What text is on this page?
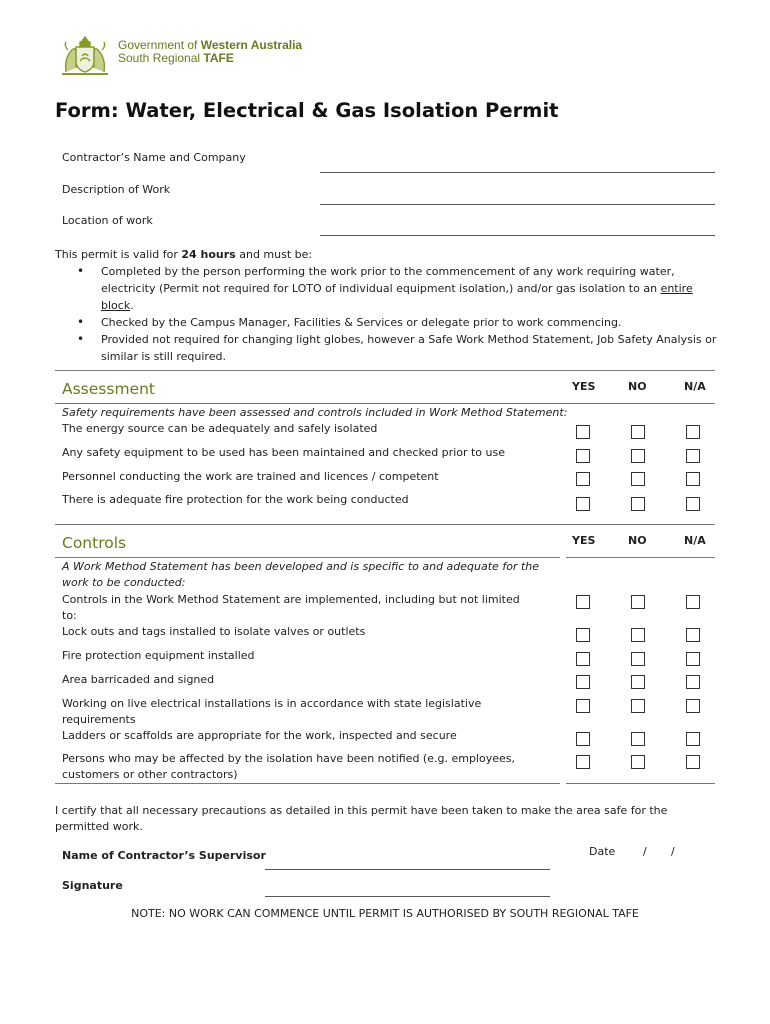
Government of Western Australia
South Regional TAFE
Form: Water, Electrical & Gas Isolation Permit
Contractor’s Name and Company
Description of Work
Location of work
This permit is valid for 24 hours and must be:
• Completed by the person performing the work prior to the commencement of any work requiring water, electricity (Permit not required for LOTO of individual equipment isolation,) and/or gas isolation to an entire block.
• Checked by the Campus Manager, Facilities & Services or delegate prior to work commencing.
• Provided not required for changing light globes, however a Safe Work Method Statement, Job Safety Analysis or similar is still required.
Assessment	YES	NO	N/A
Safety requirements have been assessed and controls included in Work Method Statement:
The energy source can be adequately and safely isolated
Any safety equipment to be used has been maintained and checked prior to use
Personnel conducting the work are trained and licences / competent
There is adequate fire protection for the work being conducted
Controls	YES	NO	N/A
A Work Method Statement has been developed and is specific to and adequate for the work to be conducted:
Controls in the Work Method Statement are implemented, including but not limited to:
Lock outs and tags installed to isolate valves or outlets
Fire protection equipment installed
Area barricaded and signed
Working on live electrical installations is in accordance with state legislative requirements
Ladders or scaffolds are appropriate for the work, inspected and secure
Persons who may be affected by the isolation have been notified (e.g. employees, customers or other contractors)
I certify that all necessary precautions as detailed in this permit have been taken to make the area safe for the permitted work.
Name of Contractor’s Supervisor	Date	/ /
Signature
NOTE: NO WORK CAN COMMENCE UNTIL PERMIT IS AUTHORISED BY SOUTH REGIONAL TAFE
